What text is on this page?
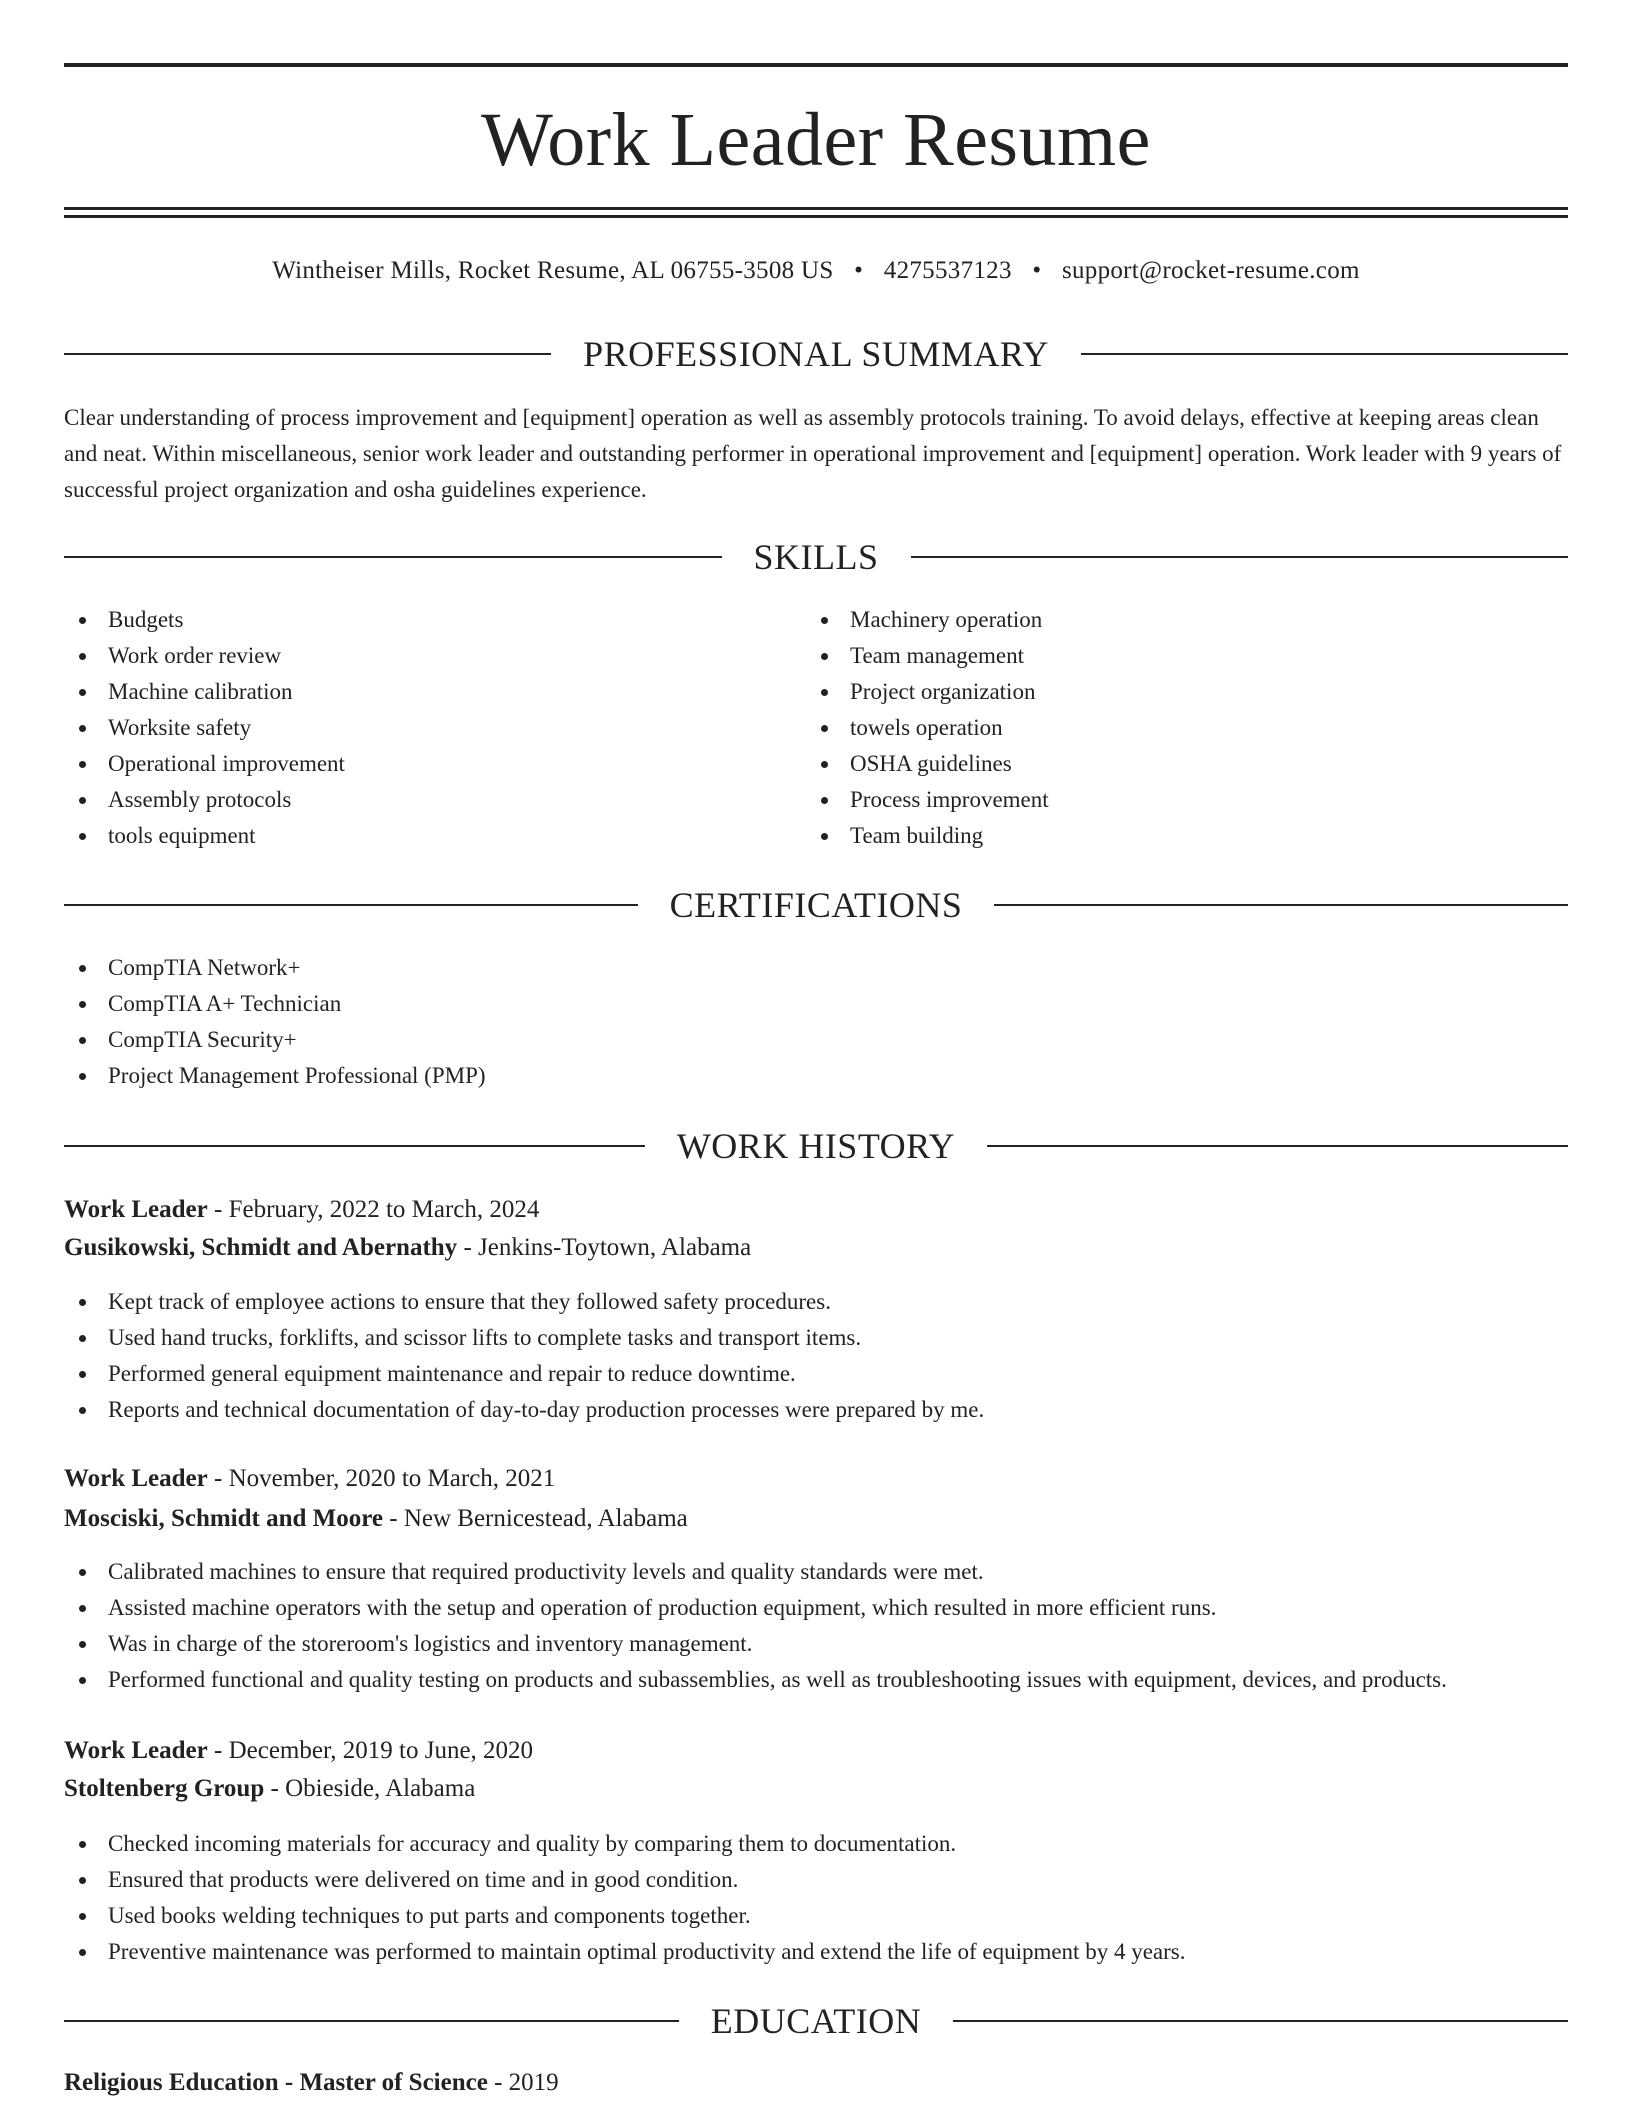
Work Leader Resume
Wintheiser Mills, Rocket Resume, AL 06755-3508 US • 4275537123 • support@rocket-resume.com
PROFESSIONAL SUMMARY

Clear understanding of process improvement and [equipment] operation as well as assembly protocols training. To avoid delays, effective at keeping areas clean and neat. Within miscellaneous, senior work leader and outstanding performer in operational improvement and [equipment] operation. Work leader with 9 years of successful project organization and osha guidelines experience.

SKILLS
Budgets
Work order review
Machine calibration
Worksite safety
Operational improvement
Assembly protocols
tools equipment
Machinery operation
Team management
Project organization
towels operation
OSHA guidelines
Process improvement
Team building
CERTIFICATIONS
CompTIA Network+
CompTIA A+ Technician
CompTIA Security+
Project Management Professional (PMP)
WORK HISTORY
Work Leader - February, 2022 to March, 2024
Gusikowski, Schmidt and Abernathy - Jenkins-Toytown, Alabama
Kept track of employee actions to ensure that they followed safety procedures.
Used hand trucks, forklifts, and scissor lifts to complete tasks and transport items.
Performed general equipment maintenance and repair to reduce downtime.
Reports and technical documentation of day-to-day production processes were prepared by me.
Work Leader - November, 2020 to March, 2021
Mosciski, Schmidt and Moore - New Bernicestead, Alabama
Calibrated machines to ensure that required productivity levels and quality standards were met.
Assisted machine operators with the setup and operation of production equipment, which resulted in more efficient runs.
Was in charge of the storeroom's logistics and inventory management.
Performed functional and quality testing on products and subassemblies, as well as troubleshooting issues with equipment, devices, and products.
Work Leader - December, 2019 to June, 2020
Stoltenberg Group - Obieside, Alabama
Checked incoming materials for accuracy and quality by comparing them to documentation.
Ensured that products were delivered on time and in good condition.
Used books welding techniques to put parts and components together.
Preventive maintenance was performed to maintain optimal productivity and extend the life of equipment by 4 years.
EDUCATION
Religious Education - Master of Science - 2019
